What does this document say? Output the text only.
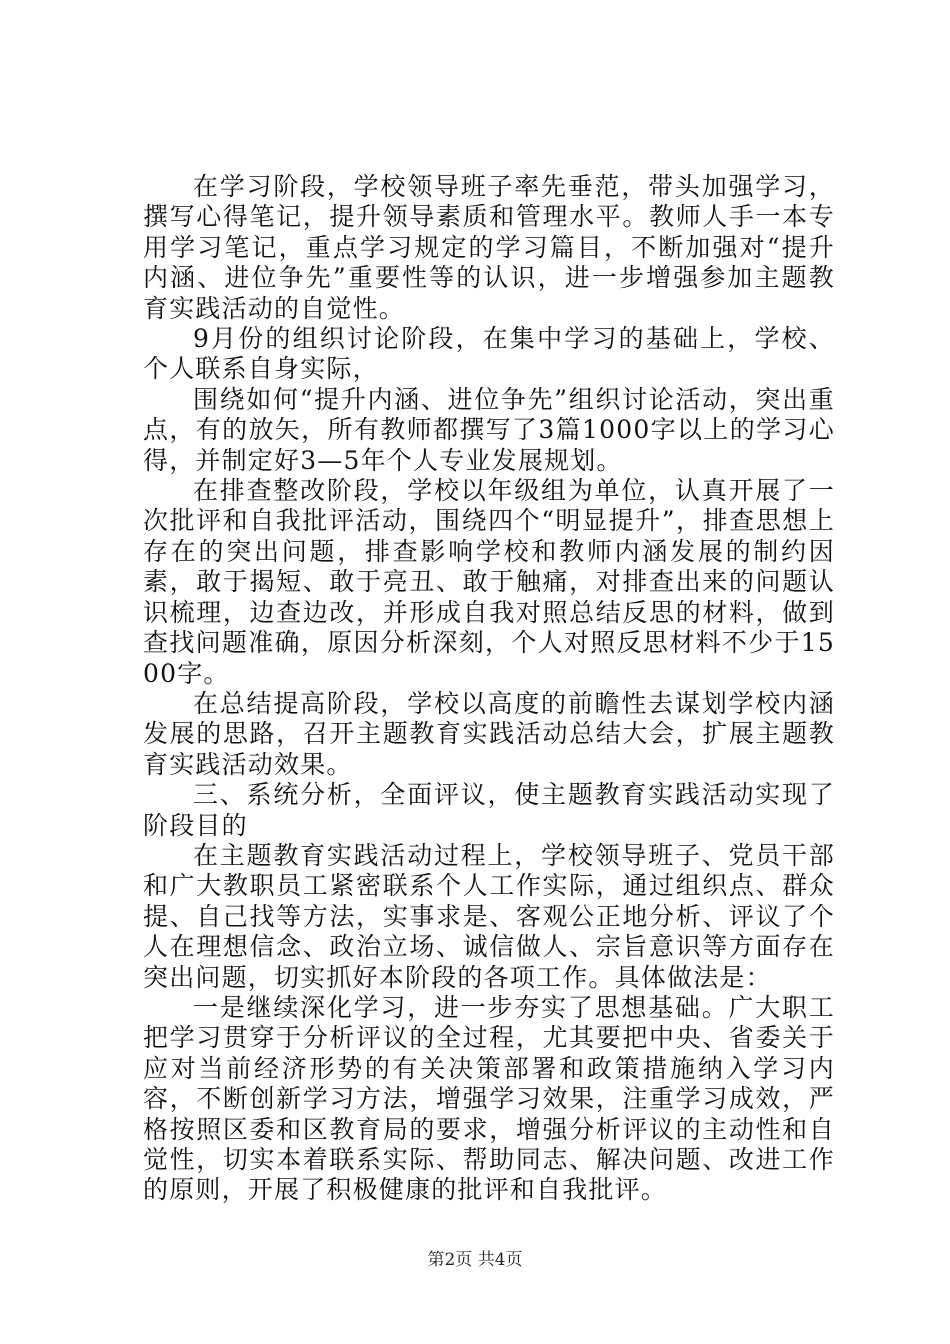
在学习阶段，学校领导班子率先垂范，带头加强学习，撰写心得笔记，提升领导素质和管理水平。教师人手一本专用学习笔记，重点学习规定的学习篇目，不断加强对“提升内涵、进位争先”重要性等的认识，进一步增强参加主题教育实践活动的自觉性。

9月份的组织讨论阶段，在集中学习的基础上，学校、个人联系自身实际，

围绕如何“提升内涵、进位争先”组织讨论活动，突出重点，有的放矢，所有教师都撰写了3篇1000字以上的学习心得，并制定好3—5年个人专业发展规划。

在排查整改阶段，学校以年级组为单位，认真开展了一次批评和自我批评活动，围绕四个“明显提升”，排查思想上存在的突出问题，排查影响学校和教师内涵发展的制约因素，敢于揭短、敢于亮丑、敢于触痛，对排查出来的问题认识梳理，边查边改，并形成自我对照总结反思的材料，做到查找问题准确，原因分析深刻，个人对照反思材料不少于1500字。

在总结提高阶段，学校以高度的前瞻性去谋划学校内涵发展的思路，召开主题教育实践活动总结大会，扩展主题教育实践活动效果。

三、系统分析，全面评议，使主题教育实践活动实现了阶段目的

在主题教育实践活动过程上，学校领导班子、党员干部和广大教职员工紧密联系个人工作实际，通过组织点、群众提、自己找等方法，实事求是、客观公正地分析、评议了个人在理想信念、政治立场、诚信做人、宗旨意识等方面存在突出问题，切实抓好本阶段的各项工作。具体做法是：

一是继续深化学习，进一步夯实了思想基础。广大职工把学习贯穿于分析评议的全过程，尤其要把中央、省委关于应对当前经济形势的有关决策部署和政策措施纳入学习内容，不断创新学习方法，增强学习效果，注重学习成效，严格按照区委和区教育局的要求，增强分析评议的主动性和自觉性，切实本着联系实际、帮助同志、解决问题、改进工作的原则，开展了积极健康的批评和自我批评。

第2页 共4页
